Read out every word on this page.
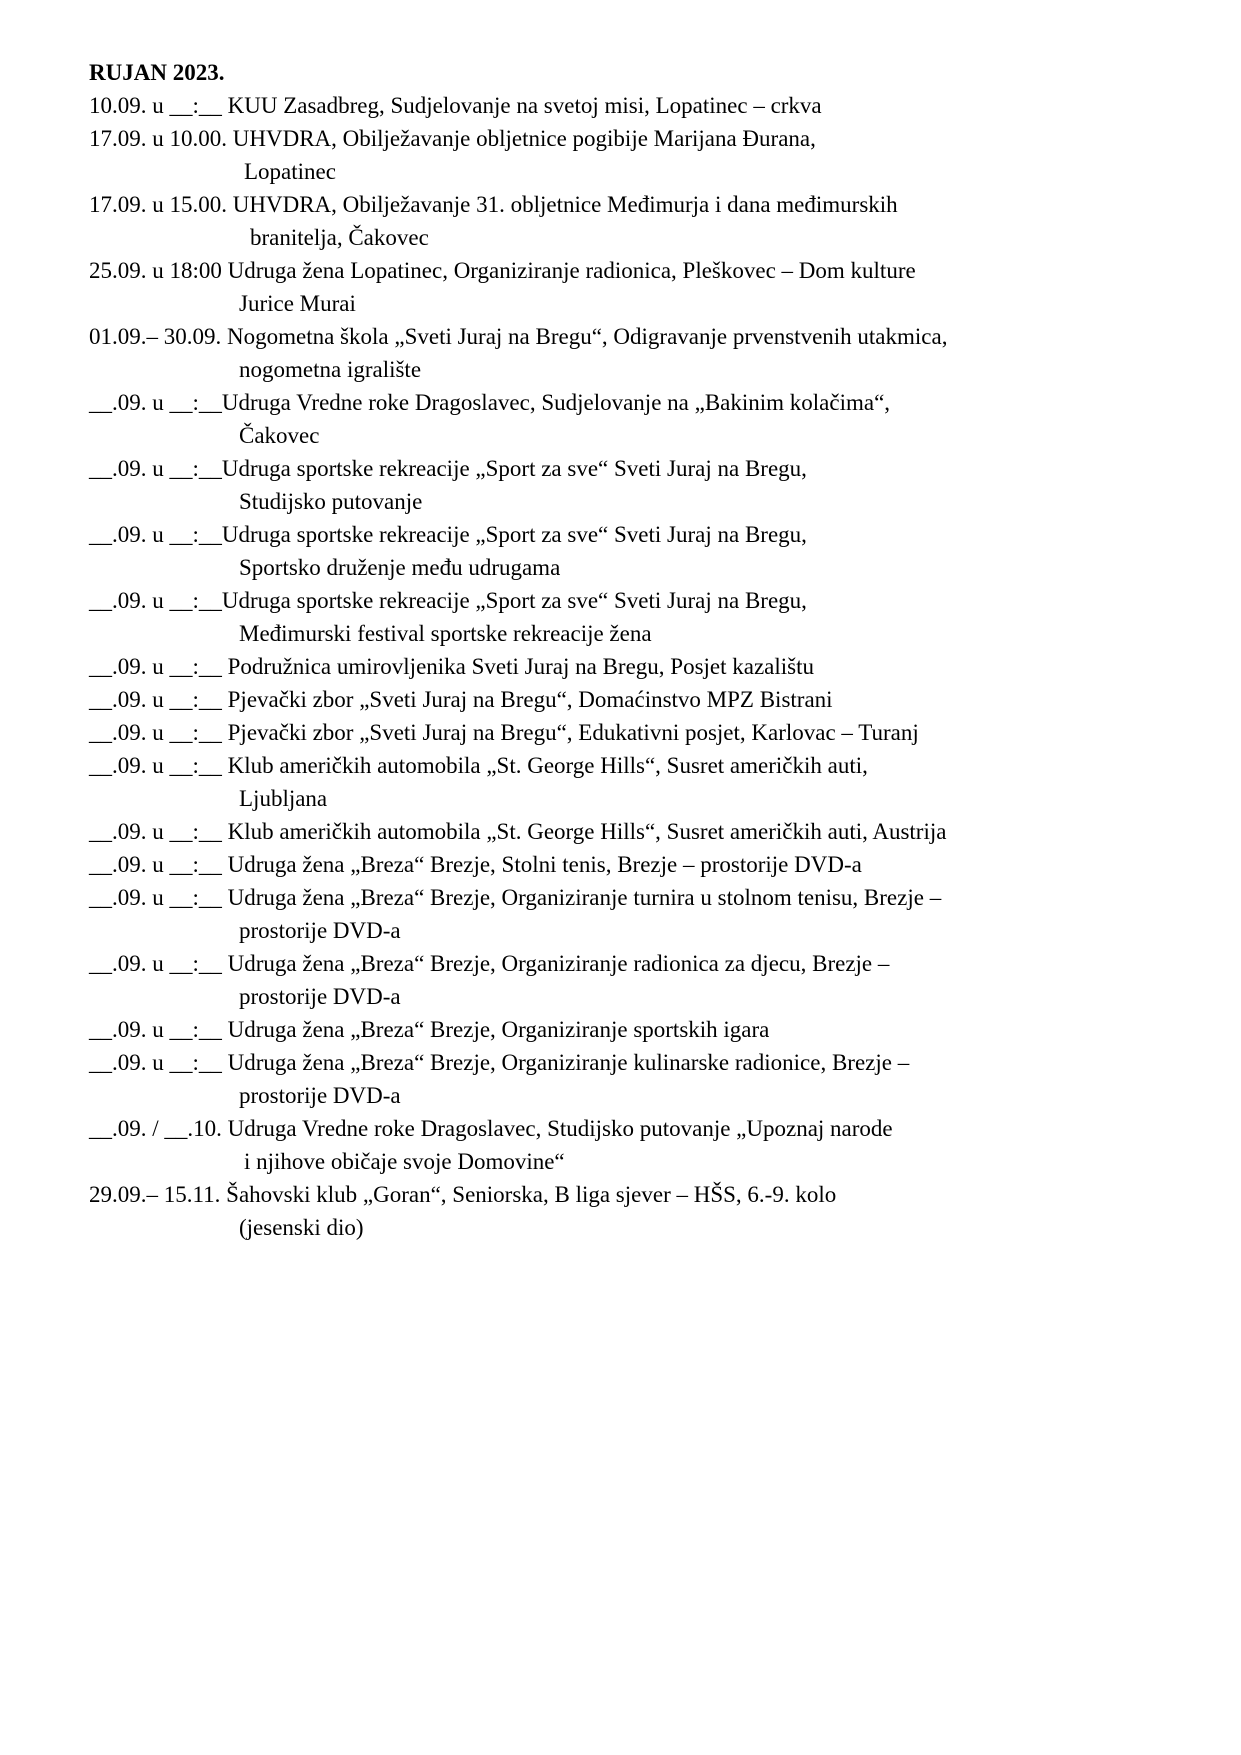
RUJAN 2023.
10.09. u __:__ KUU Zasadbreg, Sudjelovanje na svetoj misi, Lopatinec – crkva
17.09. u 10.00. UHVDRA, Obilježavanje obljetnice pogibije Marijana Đurana,
Lopatinec
17.09. u 15.00. UHVDRA, Obilježavanje 31. obljetnice Međimurja i dana međimurskih
branitelja, Čakovec
25.09. u 18:00 Udruga žena Lopatinec, Organiziranje radionica, Pleškovec – Dom kulture
Jurice Murai
01.09.– 30.09. Nogometna škola „Sveti Juraj na Bregu“, Odigravanje prvenstvenih utakmica,
nogometna igralište
__.09. u __:__Udruga Vredne roke Dragoslavec, Sudjelovanje na „Bakinim kolačima“,
Čakovec
__.09. u __:__Udruga sportske rekreacije „Sport za sve“ Sveti Juraj na Bregu,
Studijsko putovanje
__.09. u __:__Udruga sportske rekreacije „Sport za sve“ Sveti Juraj na Bregu,
Sportsko druženje među udrugama
__.09. u __:__Udruga sportske rekreacije „Sport za sve“ Sveti Juraj na Bregu,
Međimurski festival sportske rekreacije žena
__.09. u __:__ Podružnica umirovljenika Sveti Juraj na Bregu, Posjet kazalištu
__.09. u __:__ Pjevački zbor „Sveti Juraj na Bregu“, Domaćinstvo MPZ Bistrani
__.09. u __:__ Pjevački zbor „Sveti Juraj na Bregu“, Edukativni posjet, Karlovac – Turanj
__.09. u __:__ Klub američkih automobila „St. George Hills“, Susret američkih auti,
Ljubljana
__.09. u __:__ Klub američkih automobila „St. George Hills“, Susret američkih auti, Austrija
__.09. u __:__ Udruga žena „Breza“ Brezje, Stolni tenis, Brezje – prostorije DVD-a
__.09. u __:__ Udruga žena „Breza“ Brezje, Organiziranje turnira u stolnom tenisu, Brezje –
prostorije DVD-a
__.09. u __:__ Udruga žena „Breza“ Brezje, Organiziranje radionica za djecu, Brezje –
prostorije DVD-a
__.09. u __:__ Udruga žena „Breza“ Brezje, Organiziranje sportskih igara
__.09. u __:__ Udruga žena „Breza“ Brezje, Organiziranje kulinarske radionice, Brezje –
prostorije DVD-a
__.09. / __.10. Udruga Vredne roke Dragoslavec, Studijsko putovanje „Upoznaj narode
i njihove običaje svoje Domovine“
29.09.– 15.11. Šahovski klub „Goran“, Seniorska, B liga sjever – HŠS, 6.-9. kolo
(jesenski dio)
